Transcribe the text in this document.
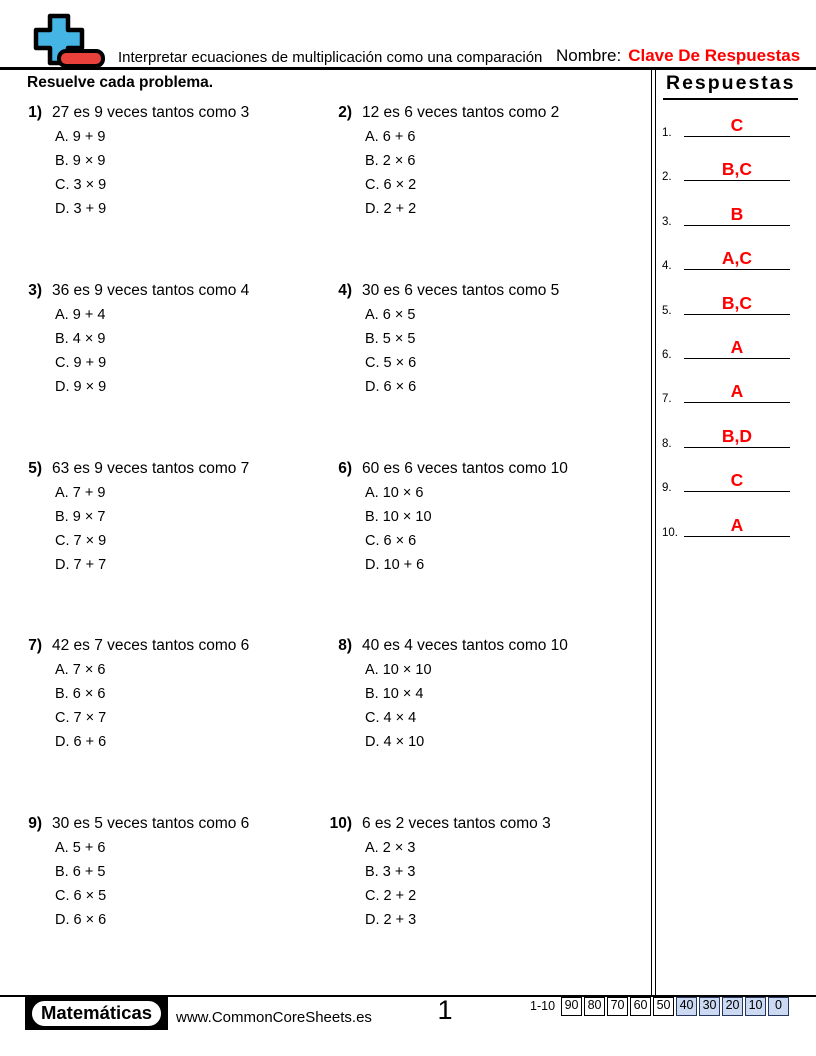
Interpretar ecuaciones de multiplicación como una comparación Nombre: Clave De Respuestas
Resuelve cada problema.
1) 27 es 9 veces tantos como 3
A. 9 + 9
B. 9 × 9
C. 3 × 9
D. 3 + 9
2) 12 es 6 veces tantos como 2
A. 6 + 6
B. 2 × 6
C. 6 × 2
D. 2 + 2
3) 36 es 9 veces tantos como 4
A. 9 + 4
B. 4 × 9
C. 9 + 9
D. 9 × 9
4) 30 es 6 veces tantos como 5
A. 6 × 5
B. 5 × 5
C. 5 × 6
D. 6 × 6
5) 63 es 9 veces tantos como 7
A. 7 + 9
B. 9 × 7
C. 7 × 9
D. 7 + 7
6) 60 es 6 veces tantos como 10
A. 10 × 6
B. 10 × 10
C. 6 × 6
D. 10 + 6
7) 42 es 7 veces tantos como 6
A. 7 × 6
B. 6 × 6
C. 7 × 7
D. 6 + 6
8) 40 es 4 veces tantos como 10
A. 10 × 10
B. 10 × 4
C. 4 × 4
D. 4 × 10
9) 30 es 5 veces tantos como 6
A. 5 + 6
B. 6 + 5
C. 6 × 5
D. 6 × 6
10) 6 es 2 veces tantos como 3
A. 2 × 3
B. 3 + 3
C. 2 + 2
D. 2 + 3
Respuestas
1.	C
2.	B,C
3.	B
4.	A,C
5.	B,C
6.	A
7.	A
8.	B,D
9.	C
10.	A
Matemáticas	www.CommonCoreSheets.es	1	1-10 90 80 70 60 50 40 30 20 10	0
